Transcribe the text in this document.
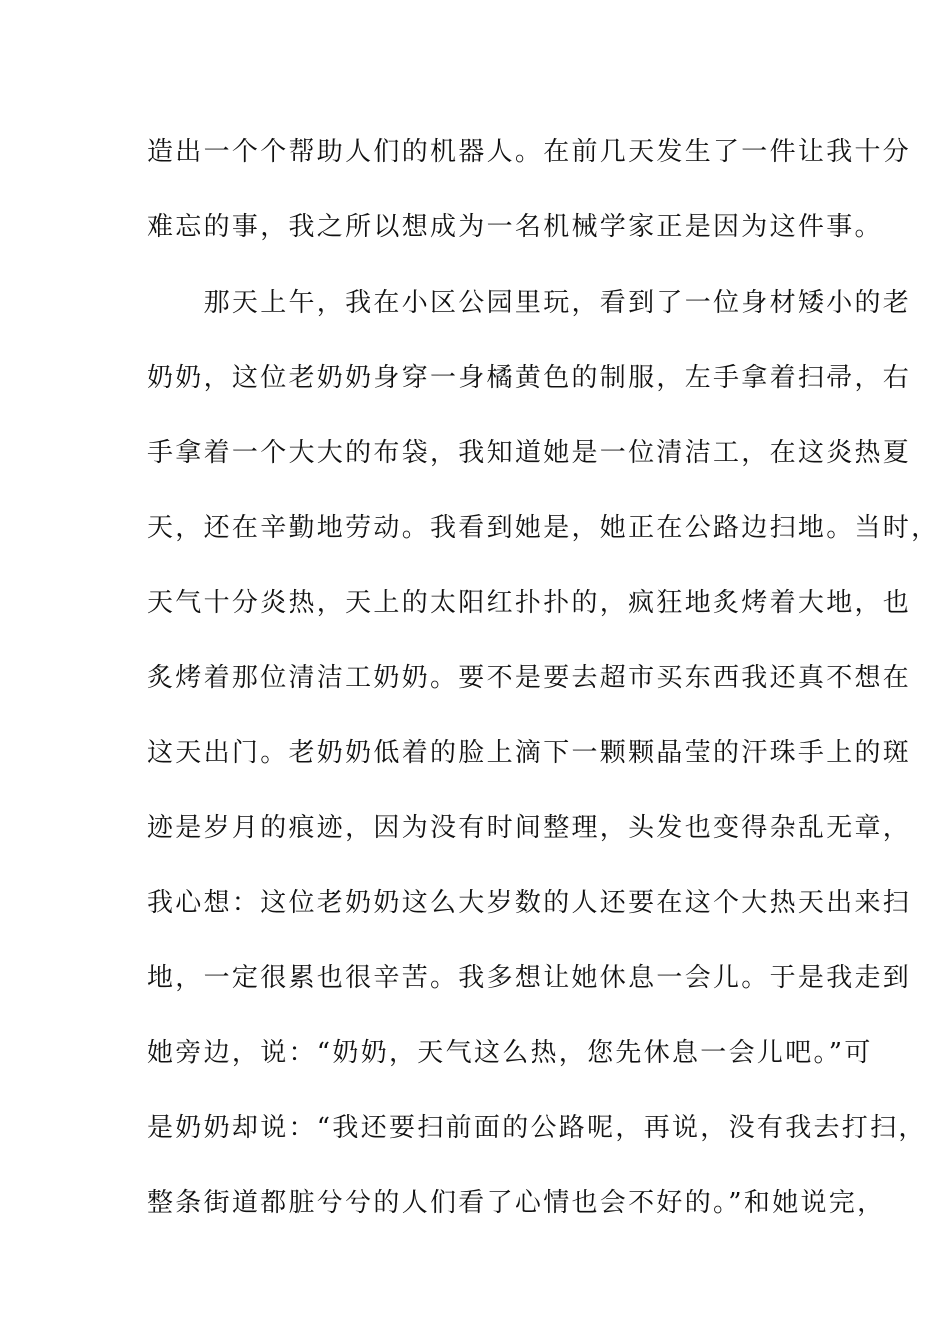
造出一个个帮助人们的机器人。在前几天发生了一件让我十分
难忘的事，我之所以想成为一名机械学家正是因为这件事。
　　那天上午，我在小区公园里玩，看到了一位身材矮小的老
奶奶，这位老奶奶身穿一身橘黄色的制服，左手拿着扫帚，右
手拿着一个大大的布袋，我知道她是一位清洁工，在这炎热夏
天，还在辛勤地劳动。我看到她是，她正在公路边扫地。当时，
天气十分炎热，天上的太阳红扑扑的，疯狂地炙烤着大地，也
炙烤着那位清洁工奶奶。要不是要去超市买东西我还真不想在
这天出门。老奶奶低着的脸上滴下一颗颗晶莹的汗珠手上的斑
迹是岁月的痕迹，因为没有时间整理，头发也变得杂乱无章，
我心想：这位老奶奶这么大岁数的人还要在这个大热天出来扫
地，一定很累也很辛苦。我多想让她休息一会儿。于是我走到
她旁边，说：“奶奶，天气这么热，您先休息一会儿吧。”可
是奶奶却说：“我还要扫前面的公路呢，再说，没有我去打扫，
整条街道都脏兮兮的人们看了心情也会不好的。”和她说完，
